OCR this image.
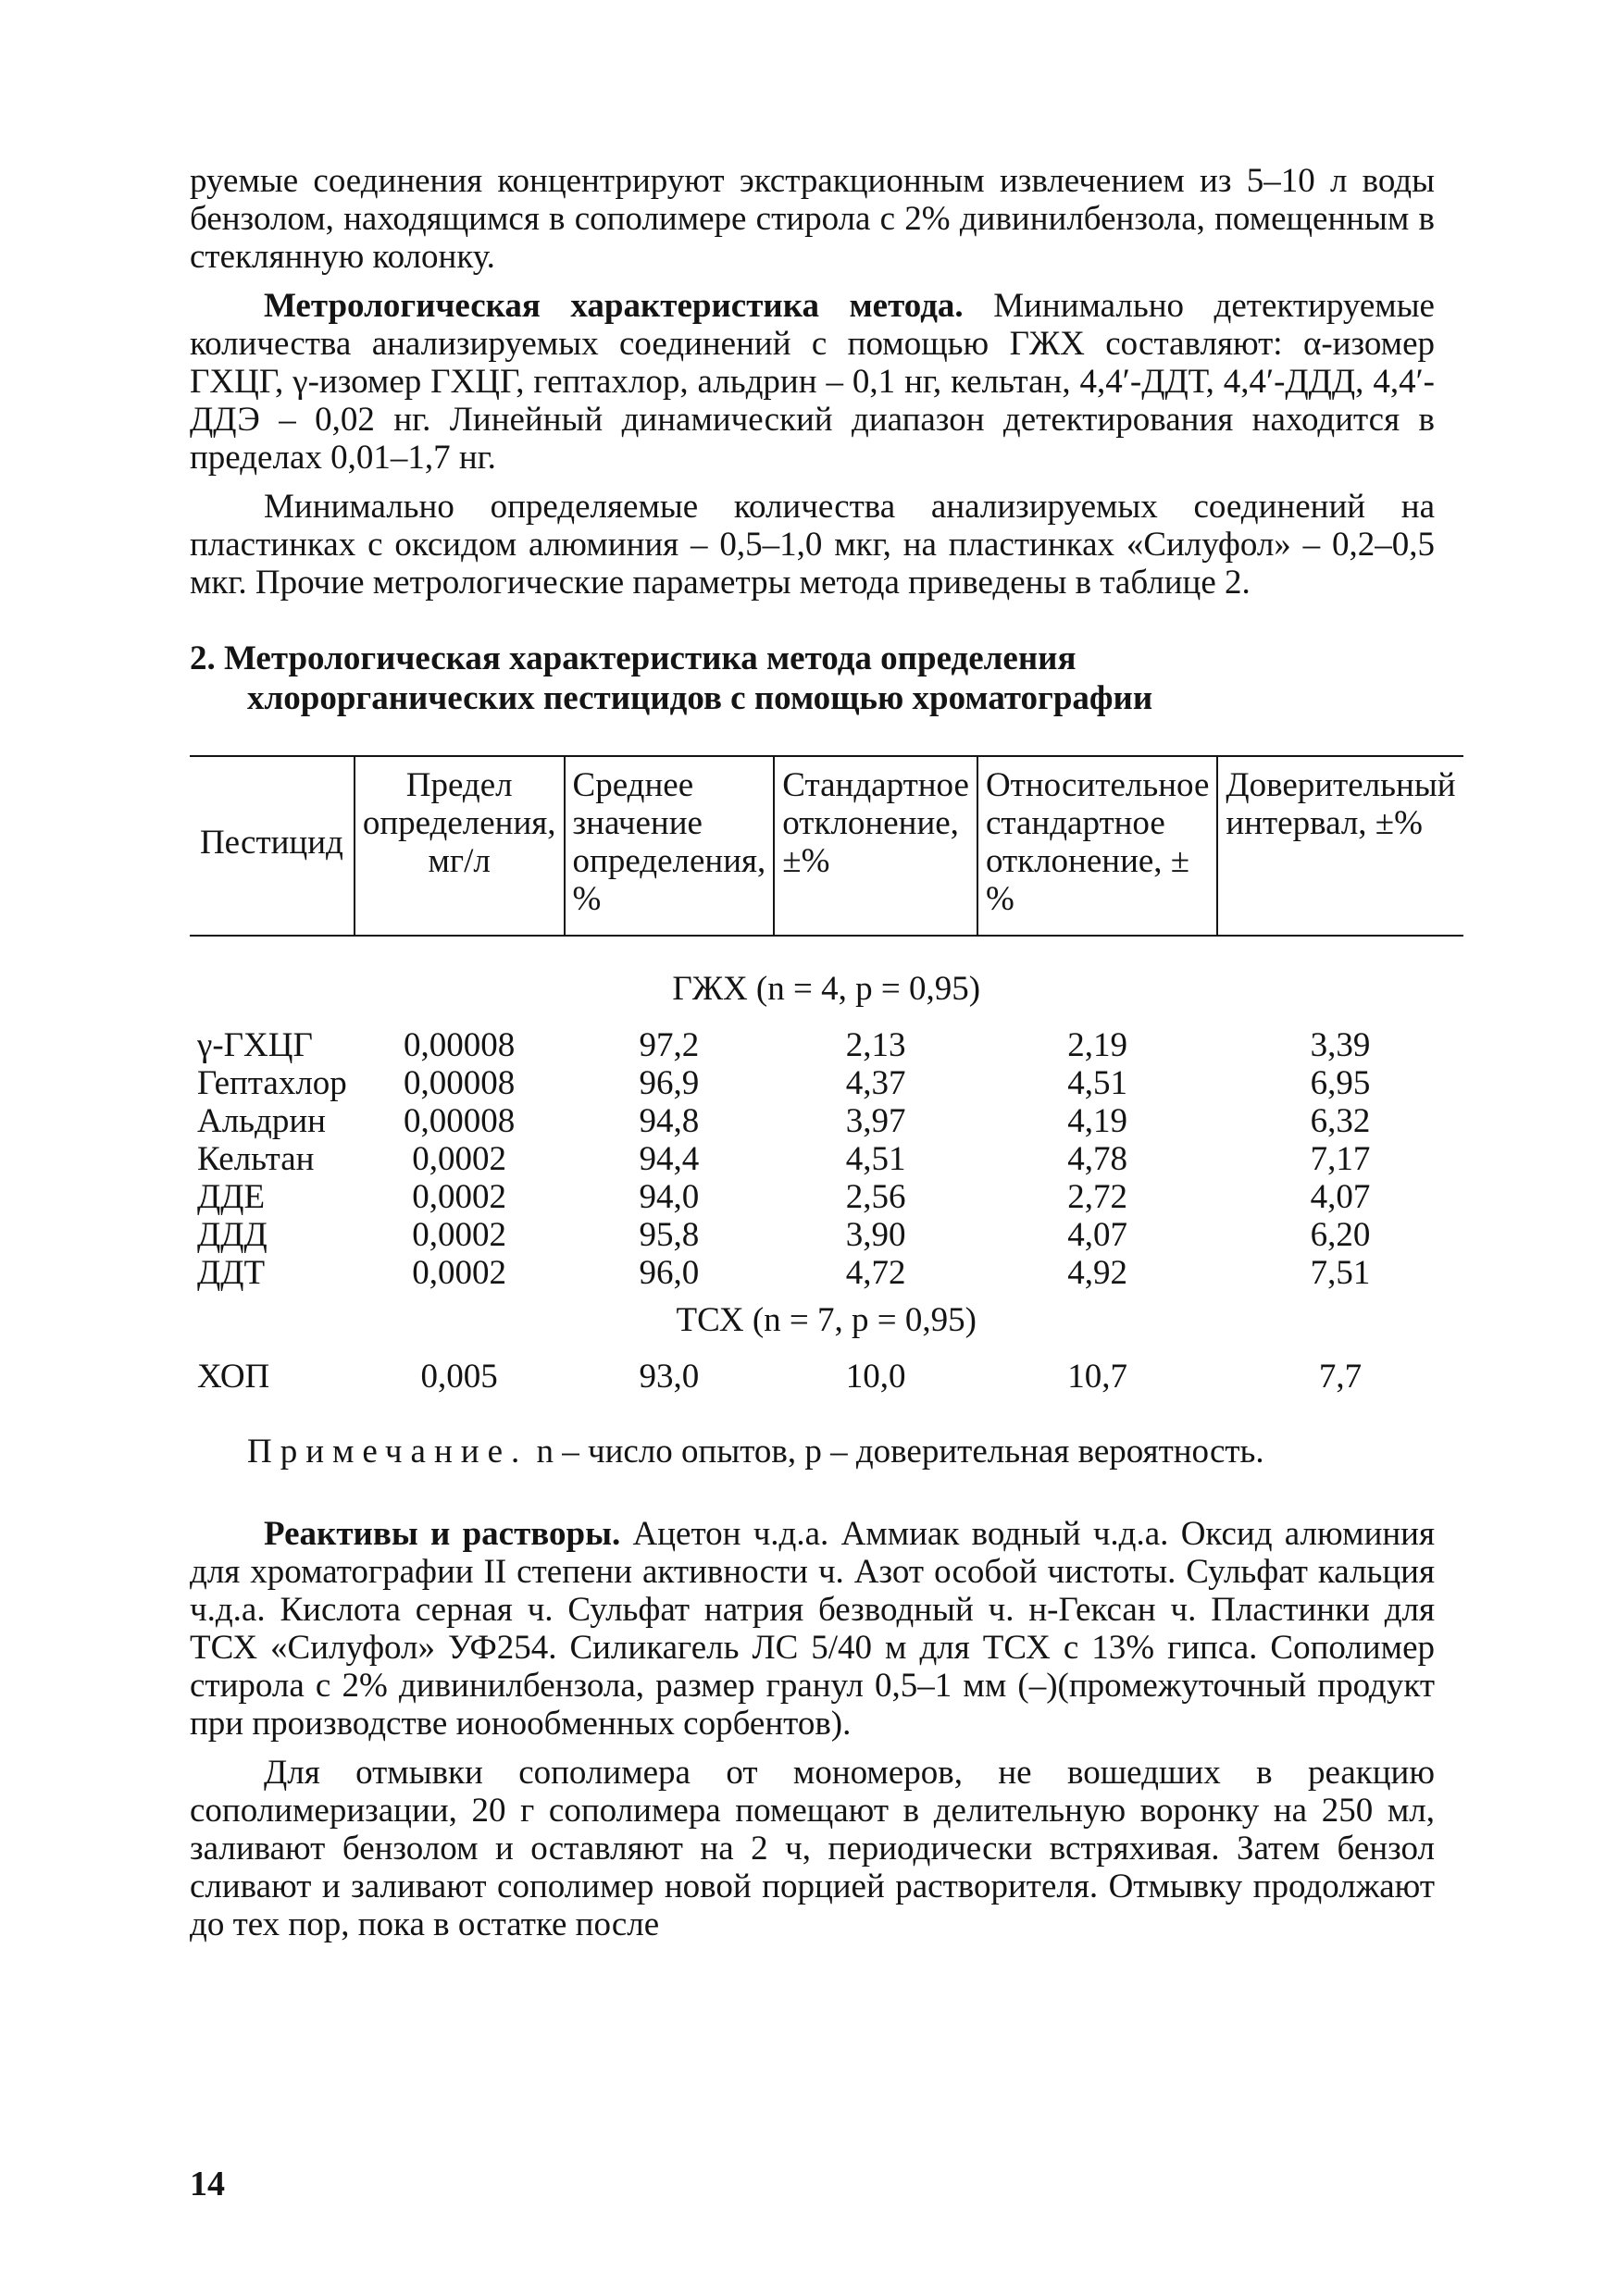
руемые соединения концентрируют экстракционным извлечением из 5–10 л воды бензолом, находящимся в сополимере стирола с 2% дивинилбензола, помещенным в стеклянную колонку.

Метрологическая характеристика метода. Минимально детектируемые количества анализируемых соединений с помощью ГЖХ составляют: α-изомер ГХЦГ, γ-изомер ГХЦГ, гептахлор, альдрин – 0,1 нг, кельтан, 4,4′-ДДТ, 4,4′-ДДД, 4,4′-ДДЭ – 0,02 нг. Линейный динамический диапазон детектирования находится в пределах 0,01–1,7 нг.

Минимально определяемые количества анализируемых соединений на пластинках с оксидом алюминия – 0,5–1,0 мкг, на пластинках «Силуфол» – 0,2–0,5 мкг. Прочие метрологические параметры метода приведены в таблице 2.

2. Метрологическая характеристика метода определения
хлорорганических пестицидов с помощью хроматографии
Пестицид	Предел определения, мг/л	Среднее значение определения, %	Стандартное отклонение, ±%	Относительное стандартное отклонение, ±%	Доверительный интервал, ±%
ГЖХ (n = 4, p = 0,95)					
γ-ГХЦГ	0,00008	97,2	2,13	2,19	3,39
Гептахлор	0,00008	96,9	4,37	4,51	6,95
Альдрин	0,00008	94,8	3,97	4,19	6,32
Кельтан	0,0002	94,4	4,51	4,78	7,17
ДДЕ	0,0002	94,0	2,56	2,72	4,07
ДДД	0,0002	95,8	3,90	4,07	6,20
ДДТ	0,0002	96,0	4,72	4,92	7,51
ТСХ (n = 7, p = 0,95)					
ХОП	0,005	93,0	10,0	10,7	7,7

Примечание. n – число опытов, p – доверительная вероятность.

Реактивы и растворы. Ацетон ч.д.а. Аммиак водный ч.д.а. Оксид алюминия для хроматографии II степени активности ч. Азот особой чистоты. Сульфат кальция ч.д.а. Кислота серная ч. Сульфат натрия безводный ч. н-Гексан ч. Пластинки для ТСХ «Силуфол» УФ254. Силикагель ЛС 5/40 м для ТСХ с 13% гипса. Сополимер стирола с 2% дивинилбензола, размер гранул 0,5–1 мм (–)(промежуточный продукт при производстве ионообменных сорбентов).

Для отмывки сополимера от мономеров, не вошедших в реакцию сополимеризации, 20 г сополимера помещают в делительную воронку на 250 мл, заливают бензолом и оставляют на 2 ч, периодически встряхивая. Затем бензол сливают и заливают сополимер новой порцией растворителя. Отмывку продолжают до тех пор, пока в остатке после

14
